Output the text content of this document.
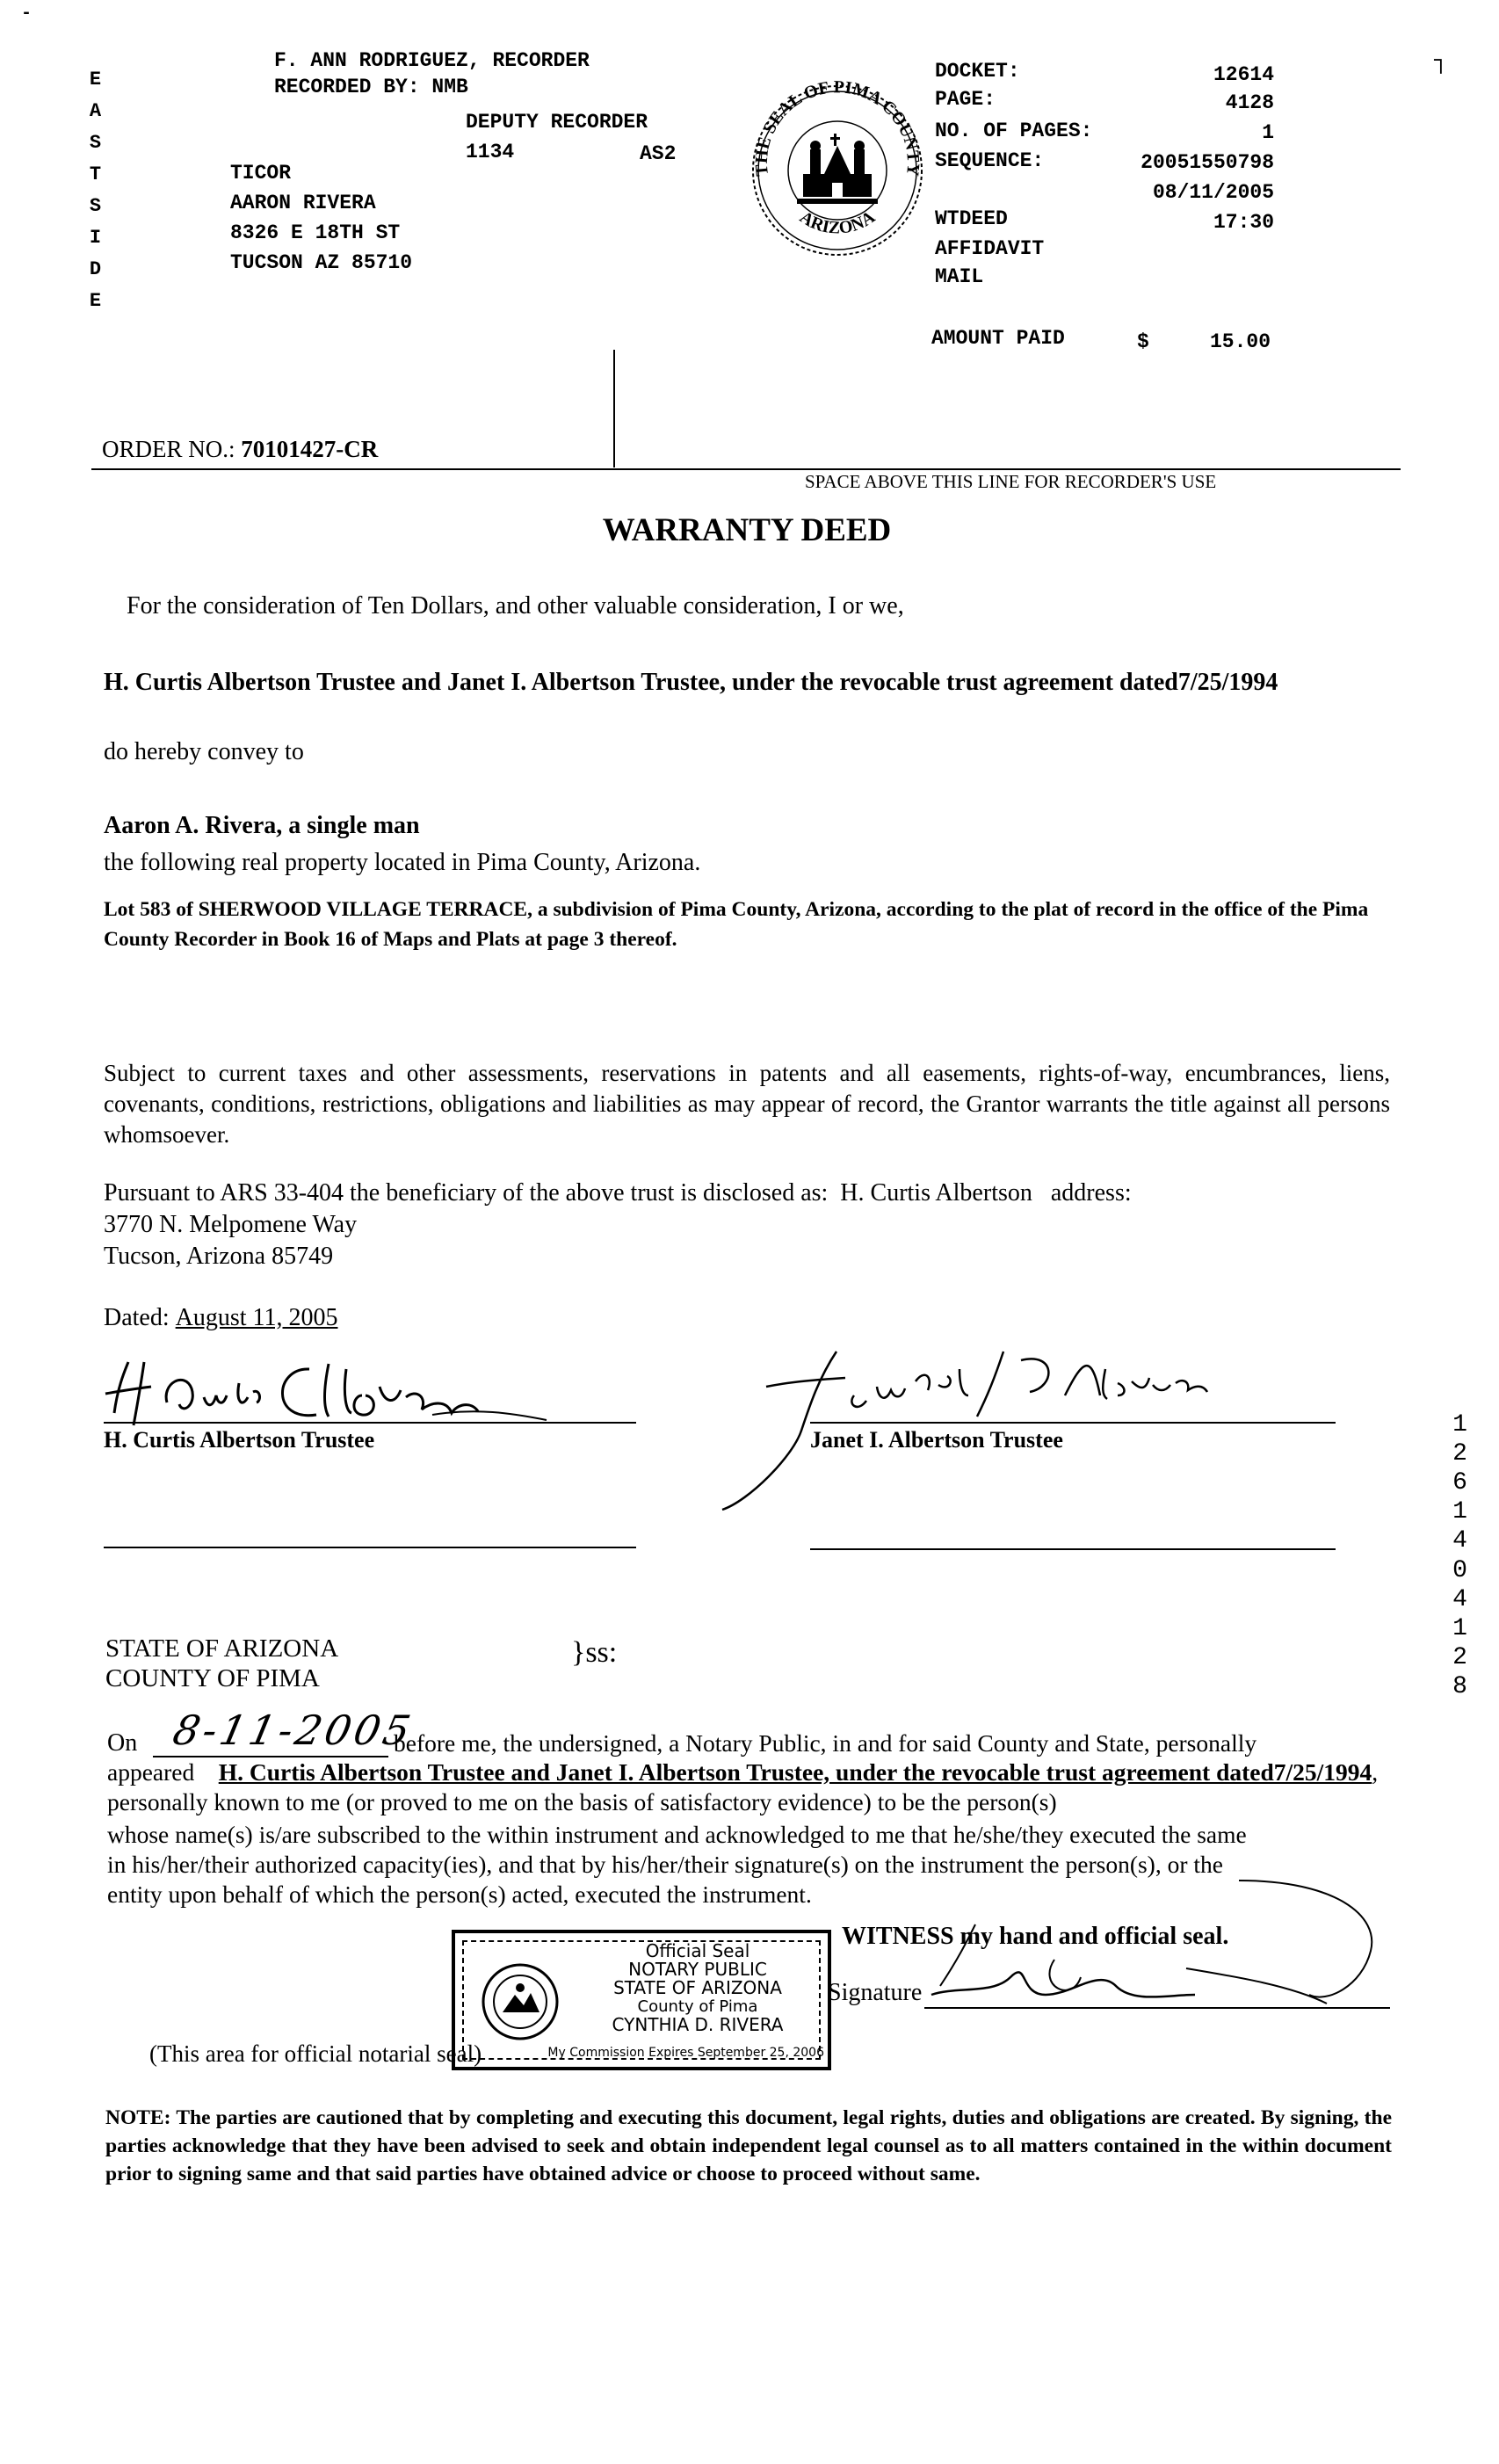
-
┐
EASTSIDE
F. ANN RODRIGUEZ, RECORDER
RECORDED BY: NMB
DEPUTY RECORDER
1134	AS2
TICOR
AARON RIVERA
8326 E 18TH ST
TUCSON AZ 85710
THE SEAL OF PIMA COUNTY
ARIZONA
DOCKET:	12614
PAGE:	4128
NO. OF PAGES:	1
SEQUENCE:	20051550798
08/11/2005
WTDEED	17:30
AFFIDAVIT
MAIL
AMOUNT PAID	$	15.00
ORDER NO.: 70101427-CR
SPACE ABOVE THIS LINE FOR RECORDER'S USE
WARRANTY DEED
For the consideration of Ten Dollars, and other valuable consideration, I or we,
H. Curtis Albertson Trustee and Janet I. Albertson Trustee, under the revocable trust agreement dated7/25/1994
do hereby convey to
Aaron A. Rivera, a single man
the following real property located in Pima County, Arizona.
Lot 583 of SHERWOOD VILLAGE TERRACE, a subdivision of Pima County, Arizona, according to the plat of record in the office of the Pima County Recorder in Book 16 of Maps and Plats at page 3 thereof.
Subject to current taxes and other assessments, reservations in patents and all easements, rights-of-way, encumbrances, liens, covenants, conditions, restrictions, obligations and liabilities as may appear of record, the Grantor warrants the title against all persons whomsoever.
Pursuant to ARS 33-404 the beneficiary of the above trust is disclosed as:  H. Curtis Albertson   address:
3770 N. Melpomene Way
Tucson, Arizona 85749
Dated: August 11, 2005
H. Curtis Albertson Trustee	Janet I. Albertson Trustee	12614
04128
STATE OF ARIZONA
COUNTY OF PIMA
}ss:
On 8-11-2005
before me, the undersigned, a Notary Public, in and for said County and State, personally
appeared H. Curtis Albertson Trustee and Janet I. Albertson Trustee, under the revocable trust agreement dated7/25/1994, personally known to me (or proved to me on the basis of satisfactory evidence) to be the person(s)
whose name(s) is/are subscribed to the within instrument and acknowledged to me that he/she/they executed the same
in his/her/their authorized capacity(ies), and that by his/her/their signature(s) on the instrument the person(s), or the
entity upon behalf of which the person(s) acted, executed the instrument.
WITNESS my hand and official seal.
Signature
Official Seal
NOTARY PUBLIC
STATE OF ARIZONA
County of Pima
CYNTHIA D. RIVERA
My Commission Expires September 25, 2006
(This area for official notarial seal)
NOTE: The parties are cautioned that by completing and executing this document, legal rights, duties and obligations are created. By signing, the parties acknowledge that they have been advised to seek and obtain independent legal counsel as to all matters contained in the within document prior to signing same and that said parties have obtained advice or choose to proceed without same.
